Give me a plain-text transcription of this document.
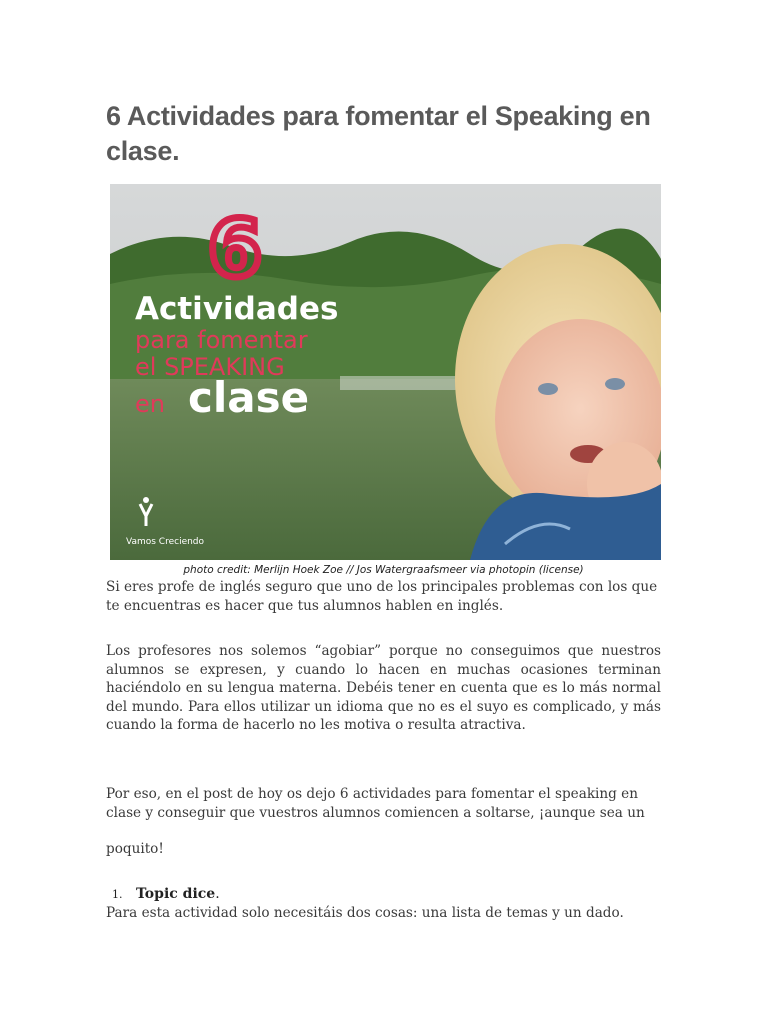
6 Actividades para fomentar el Speaking en clase.
6
Actividades
para fomentar
el SPEAKING
en clase
Vamos Creciendo
photo credit: Merlijn Hoek Zoe // Jos Watergraafsmeer via photopin (license)

Si eres profe de inglés seguro que uno de los principales problemas con los que te encuentras es hacer que tus alumnos hablen en inglés.

Los profesores nos solemos “agobiar” porque no conseguimos que nuestros alumnos se expresen, y cuando lo hacen en muchas ocasiones terminan haciéndolo en su lengua materna. Debéis tener en cuenta que es lo más normal del mundo. Para ellos utilizar un idioma que no es el suyo es complicado, y más cuando la forma de hacerlo no les motiva o resulta atractiva.

Por eso, en el post de hoy os dejo 6 actividades para fomentar el speaking en clase y conseguir que vuestros alumnos comiencen a soltarse, ¡aunque sea un

poquito!

1. Topic dice.

Para esta actividad solo necesitáis dos cosas: una lista de temas y un dado.
